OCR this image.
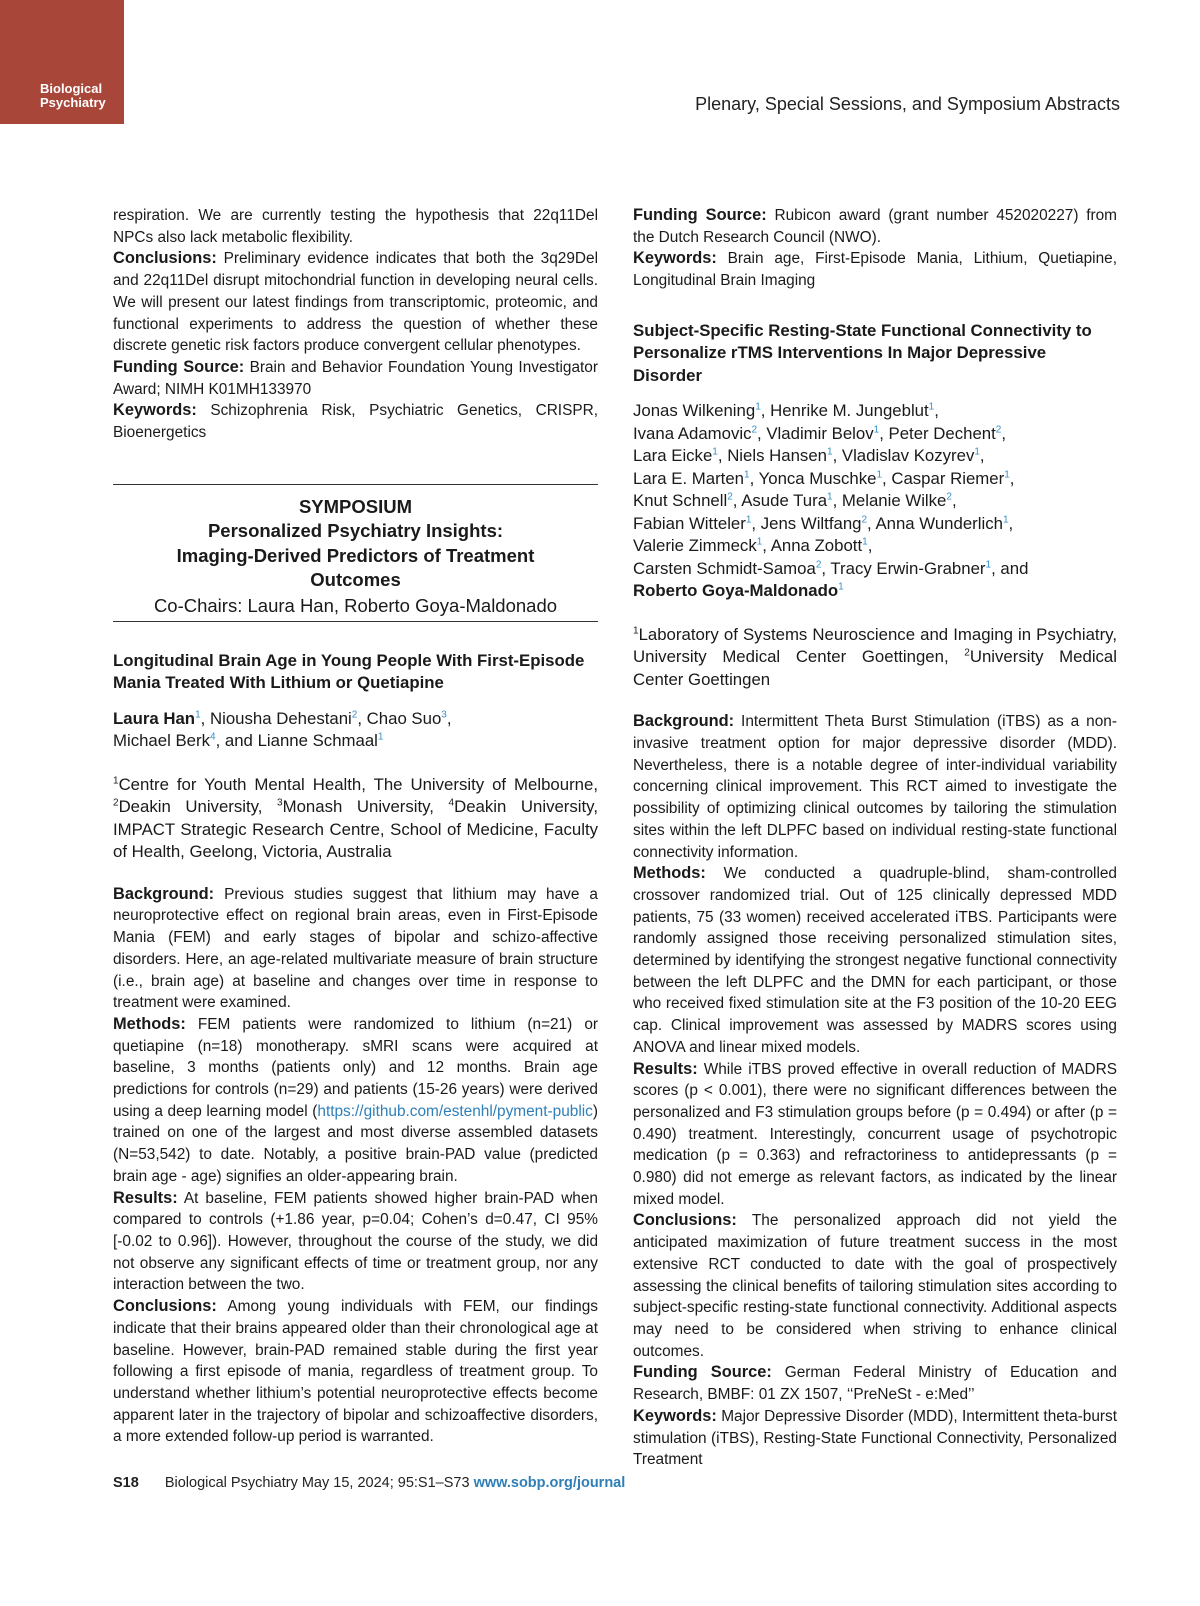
Biological
Psychiatry	Plenary, Special Sessions, and Symposium Abstracts

respiration. We are currently testing the hypothesis that 22q11Del NPCs also lack metabolic flexibility.

Conclusions: Preliminary evidence indicates that both the 3q29Del and 22q11Del disrupt mitochondrial function in developing neural cells. We will present our latest findings from transcriptomic, proteomic, and functional experiments to address the question of whether these discrete genetic risk factors produce convergent cellular phenotypes.

Funding Source: Brain and Behavior Foundation Young Investigator Award; NIMH K01MH133970

Keywords: Schizophrenia Risk, Psychiatric Genetics, CRISPR, Bioenergetics

SYMPOSIUM
Personalized Psychiatry Insights:
Imaging-Derived Predictors of Treatment
Outcomes
Co-Chairs: Laura Han, Roberto Goya-Maldonado
Longitudinal Brain Age in Young People With First-Episode Mania Treated With Lithium or Quetiapine
Laura Han$^1$, Niousha Dehestani$^2$, Chao Suo$^3$,
Michael Berk$^4$, and Lianne Schmaal$^1$
$^1$Centre for Youth Mental Health, The University of Melbourne, $^2$Deakin University, $^3$Monash University, $^4$Deakin University, IMPACT Strategic Research Centre, School of Medicine, Faculty of Health, Geelong, Victoria, Australia

Background: Previous studies suggest that lithium may have a neuroprotective effect on regional brain areas, even in First-Episode Mania (FEM) and early stages of bipolar and schizo-affective disorders. Here, an age-related multivariate measure of brain structure (i.e., brain age) at baseline and changes over time in response to treatment were examined.

Methods: FEM patients were randomized to lithium (n=21) or quetiapine (n=18) monotherapy. sMRI scans were acquired at baseline, 3 months (patients only) and 12 months. Brain age predictions for controls (n=29) and patients (15-26 years) were derived using a deep learning model (https://github.com/estenhl/pyment-public) trained on one of the largest and most diverse assembled datasets (N=53,542) to date. Notably, a positive brain-PAD value (predicted brain age - age) signifies an older-appearing brain.

Results: At baseline, FEM patients showed higher brain-PAD when compared to controls (+1.86 year, p=0.04; Cohen’s d=0.47, CI 95%[-0.02 to 0.96]). However, throughout the course of the study, we did not observe any significant effects of time or treatment group, nor any interaction between the two.

Conclusions: Among young individuals with FEM, our findings indicate that their brains appeared older than their chronological age at baseline. However, brain-PAD remained stable during the first year following a first episode of mania, regardless of treatment group. To understand whether lithium’s potential neuroprotective effects become apparent later in the trajectory of bipolar and schizoaffective disorders, a more extended follow-up period is warranted.

Funding Source: Rubicon award (grant number 452020227) from the Dutch Research Council (NWO).

Keywords: Brain age, First-Episode Mania, Lithium, Quetiapine, Longitudinal Brain Imaging

Subject-Specific Resting-State Functional Connectivity to Personalize rTMS Interventions In Major Depressive Disorder
Jonas Wilkening$^1$, Henrike M. Jungeblut$^1$,
Ivana Adamovic$^2$, Vladimir Belov$^1$, Peter Dechent$^2$,
Lara Eicke$^1$, Niels Hansen$^1$, Vladislav Kozyrev$^1$,
Lara E. Marten$^1$, Yonca Muschke$^1$, Caspar Riemer$^1$,
Knut Schnell$^2$, Asude Tura$^1$, Melanie Wilke$^2$,
Fabian Witteler$^1$, Jens Wiltfang$^2$, Anna Wunderlich$^1$,
Valerie Zimmeck$^1$, Anna Zobott$^1$,
Carsten Schmidt-Samoa$^2$, Tracy Erwin-Grabner$^1$, and
Roberto Goya-Maldonado$^1$
$^1$Laboratory of Systems Neuroscience and Imaging in Psychiatry, University Medical Center Goettingen, $^2$University Medical Center Goettingen

Background: Intermittent Theta Burst Stimulation (iTBS) as a non-invasive treatment option for major depressive disorder (MDD). Nevertheless, there is a notable degree of inter-individual variability concerning clinical improvement. This RCT aimed to investigate the possibility of optimizing clinical outcomes by tailoring the stimulation sites within the left DLPFC based on individual resting-state functional connectivity information.

Methods: We conducted a quadruple-blind, sham-controlled crossover randomized trial. Out of 125 clinically depressed MDD patients, 75 (33 women) received accelerated iTBS. Participants were randomly assigned those receiving personalized stimulation sites, determined by identifying the strongest negative functional connectivity between the left DLPFC and the DMN for each participant, or those who received fixed stimulation site at the F3 position of the 10-20 EEG cap. Clinical improvement was assessed by MADRS scores using ANOVA and linear mixed models.

Results: While iTBS proved effective in overall reduction of MADRS scores (p < 0.001), there were no significant differences between the personalized and F3 stimulation groups before (p = 0.494) or after (p = 0.490) treatment. Interestingly, concurrent usage of psychotropic medication (p = 0.363) and refractoriness to antidepressants (p = 0.980) did not emerge as relevant factors, as indicated by the linear mixed model.

Conclusions: The personalized approach did not yield the anticipated maximization of future treatment success in the most extensive RCT conducted to date with the goal of prospectively assessing the clinical benefits of tailoring stimulation sites according to subject-specific resting-state functional connectivity. Additional aspects may need to be considered when striving to enhance clinical outcomes.

Funding Source: German Federal Ministry of Education and Research, BMBF: 01 ZX 1507, ‘‘PreNeSt - e:Med’’

Keywords: Major Depressive Disorder (MDD), Intermittent theta-burst stimulation (iTBS), Resting-State Functional Connectivity, Personalized Treatment

S18 Biological Psychiatry May 15, 2024; 95:S1–S73 www.sobp.org/journal
